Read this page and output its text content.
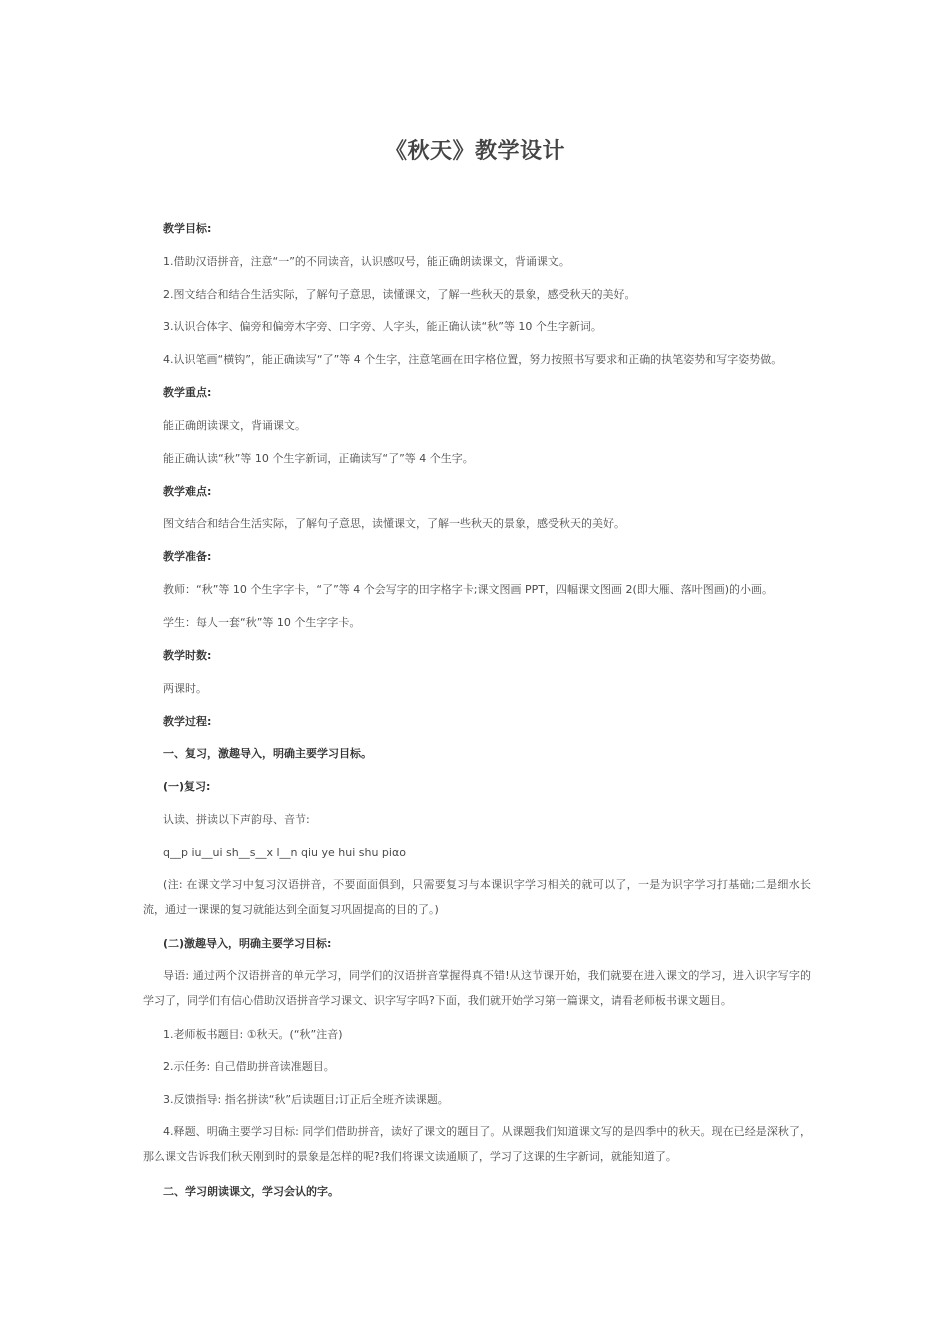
《秋天》教学设计

教学目标:

1.借助汉语拼音，注意“一”的不同读音，认识感叹号，能正确朗读课文，背诵课文。

2.图文结合和结合生活实际，了解句子意思，读懂课文，了解一些秋天的景象，感受秋天的美好。

3.认识合体字、偏旁和偏旁木字旁、口字旁、人字头，能正确认读“秋”等 10 个生字新词。

4.认识笔画“横钩”，能正确读写“了”等 4 个生字，注意笔画在田字格位置，努力按照书写要求和正确的执笔姿势和写字姿势做。

教学重点:

能正确朗读课文，背诵课文。

能正确认读“秋”等 10 个生字新词，正确读写“了”等 4 个生字。

教学难点:

图文结合和结合生活实际，了解句子意思，读懂课文，了解一些秋天的景象，感受秋天的美好。

教学准备:

教师：“秋”等 10 个生字字卡，“了”等 4 个会写字的田字格字卡;课文图画 PPT，四幅课文图画 2(即大雁、落叶图画)的小画。

学生：每人一套“秋”等 10 个生字字卡。

教学时数:

两课时。

教学过程:

一、复习，激趣导入，明确主要学习目标。

(一)复习:

认读、拼读以下声韵母、音节:

q__p iu__ui sh__s__x l__n qiu ye hui shu piαo

(注: 在课文学习中复习汉语拼音，不要面面俱到，只需要复习与本课识字学习相关的就可以了，一是为识字学习打基础;二是细水长流，通过一课课的复习就能达到全面复习巩固提高的目的了。)

(二)激趣导入，明确主要学习目标:

导语: 通过两个汉语拼音的单元学习，同学们的汉语拼音掌握得真不错!从这节课开始，我们就要在进入课文的学习，进入识字写字的学习了，同学们有信心借助汉语拼音学习课文、识字写字吗?下面，我们就开始学习第一篇课文，请看老师板书课文题目。

1.老师板书题目: ①秋天。(“秋”注音)

2.示任务: 自己借助拼音读准题目。

3.反馈指导: 指名拼读“秋”后读题目;订正后全班齐读课题。

4.释题、明确主要学习目标: 同学们借助拼音，读好了课文的题目了。从课题我们知道课文写的是四季中的秋天。现在已经是深秋了，那么课文告诉我们秋天刚到时的景象是怎样的呢?我们将课文读通顺了，学习了这课的生字新词，就能知道了。

二、学习朗读课文，学习会认的字。
